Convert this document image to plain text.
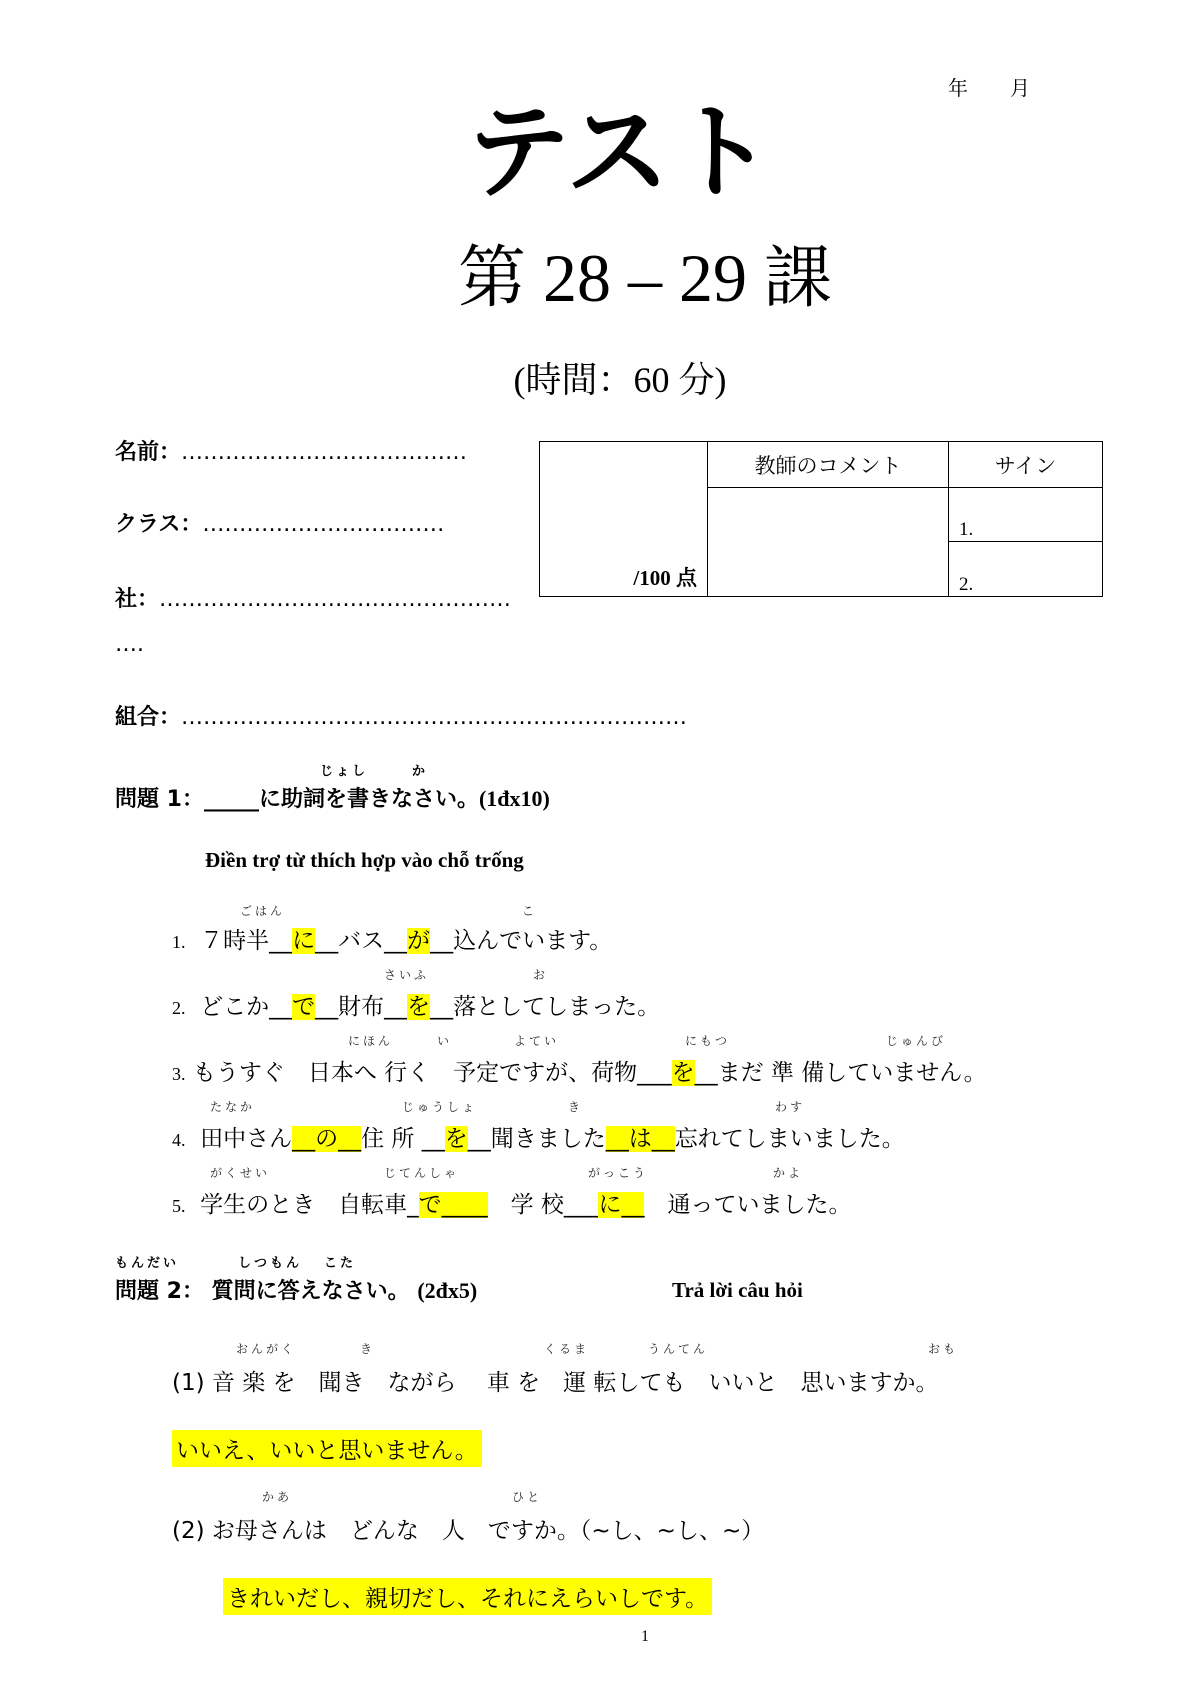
年 月
テスト
第 28 – 29 課
(時間：60 分)
名前：…………………………………
クラス：……………………………
社：…………………………………………
….
組合：……………………………………………………………
/100 点	教師のコメント	サイン
		1.
		2.
じょし	か
問題 1：_____に助詞を書きなさい。(1đx10)
Điền trợ từ thích hợp vào chỗ trống
ごはん	こ
1. ７時半__に__バス__が__込んでいます。
さいふ	お
2. どこか__で__財布__を__落としてしまった。
にほん	い	よてい	にもつ	じゅんび
3. もうすぐ　日本へ 行く　予定ですが、荷物___を__まだ 準 備していません。
たなか	じゅうしょ	き	わす
4. 田中さん__の__住 所 __を__聞きました__は__忘れてしまいました。
がくせい	じてんしゃ	がっこう	かよ
5. 学生のとき　自転車_で____　学 校___に__　通っていました。
もんだい	しつもん こた
問題 2： 質問に答えなさい。 (2đx5)	Trả lời câu hỏi
おんがく	き	くるま	うんてん	おも
(1) 音 楽 を　聞き　ながら　 車 を　運 転しても　いいと　思いますか。
いいえ、いいと思いません。
かあ	ひと
(2) お母さんは　どんな　人　ですか。（~し、~し、~）
きれいだし、親切だし、それにえらいしです。
1
